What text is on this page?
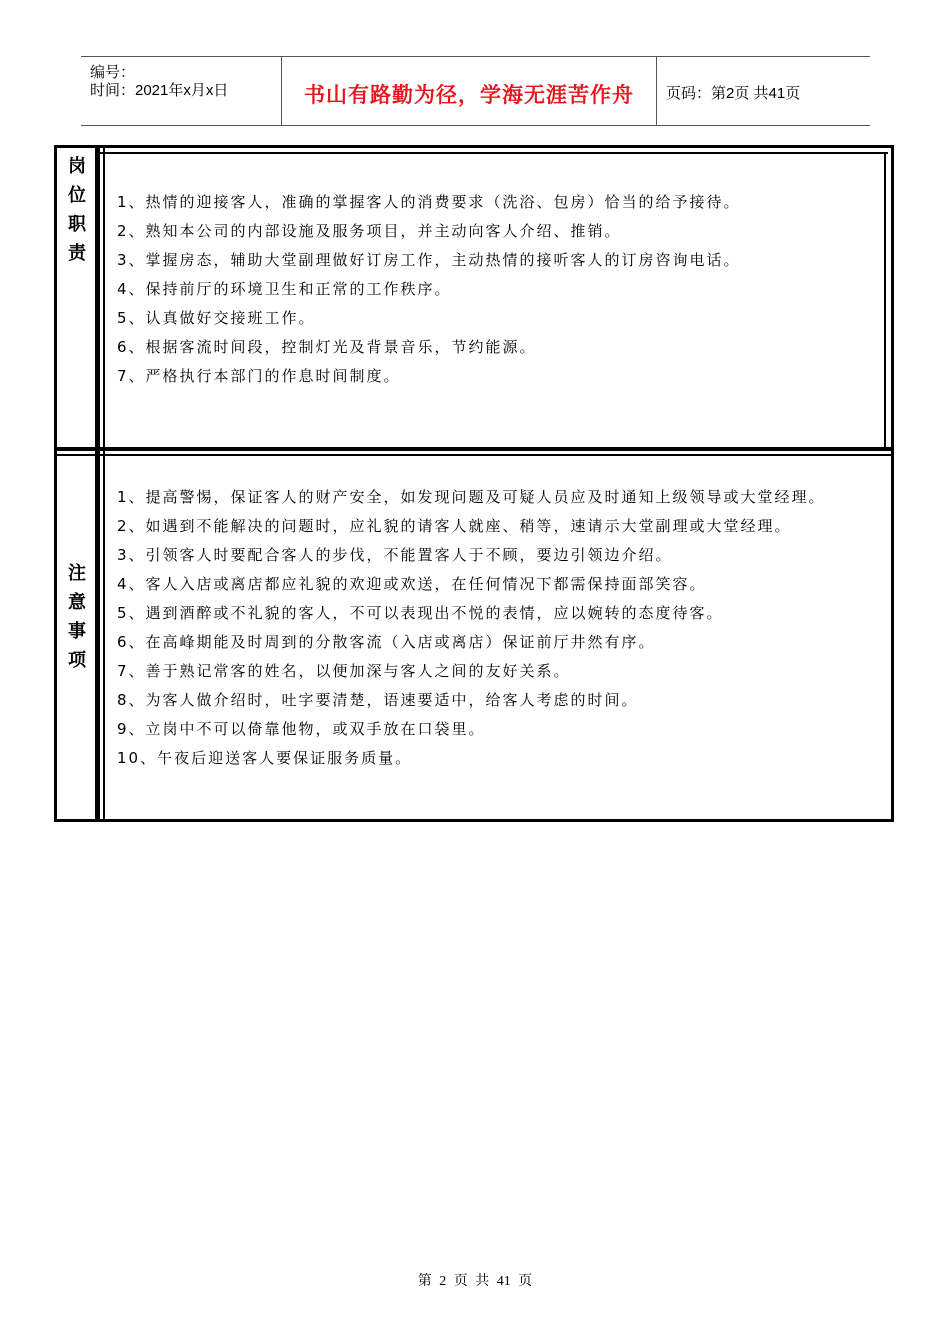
编号：
时间：2021年x月x日	书山有路勤为径，学海无涯苦作舟	页码：第2页 共41页
岗
位
职
责
1、热情的迎接客人，准确的掌握客人的消费要求（洗浴、包房）恰当的给予接待。
2、熟知本公司的内部设施及服务项目，并主动向客人介绍、推销。
3、掌握房态，辅助大堂副理做好订房工作，主动热情的接听客人的订房咨询电话。
4、保持前厅的环境卫生和正常的工作秩序。
5、认真做好交接班工作。
6、根据客流时间段，控制灯光及背景音乐，节约能源。
7、严格执行本部门的作息时间制度。
注
意
事
项
1、提高警惕，保证客人的财产安全，如发现问题及可疑人员应及时通知上级领导或大堂经理。
2、如遇到不能解决的问题时，应礼貌的请客人就座、稍等，速请示大堂副理或大堂经理。
3、引领客人时要配合客人的步伐，不能置客人于不顾，要边引领边介绍。
4、客人入店或离店都应礼貌的欢迎或欢送，在任何情况下都需保持面部笑容。
5、遇到酒醉或不礼貌的客人，不可以表现出不悦的表情，应以婉转的态度待客。
6、在高峰期能及时周到的分散客流（入店或离店）保证前厅井然有序。
7、善于熟记常客的姓名，以便加深与客人之间的友好关系。
8、为客人做介绍时，吐字要清楚，语速要适中，给客人考虑的时间。
9、立岗中不可以倚靠他物，或双手放在口袋里。
10、午夜后迎送客人要保证服务质量。
第 2 页 共 41 页
